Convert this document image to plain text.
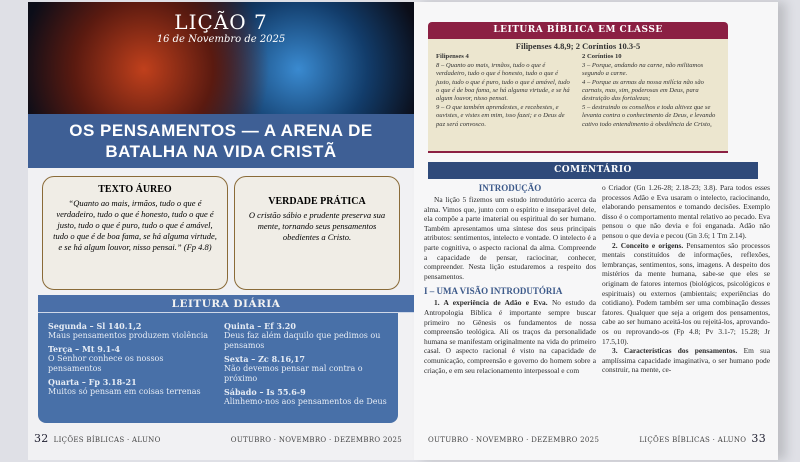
LIÇÃO 7
16 de Novembro de 2025
OS PENSAMENTOS — A ARENA DE BATALHA NA VIDA CRISTÃ
TEXTO ÁUREO

“Quanto ao mais, irmãos, tudo o que é verdadeiro, tudo o que é honesto, tudo o que é justo, tudo o que é puro, tudo o que é amável, tudo o que é de boa fama, se há alguma virtude, e se há algum louvor, nisso pensai.” (Fp 4.8)

VERDADE PRÁTICA

O cristão sábio e prudente preserva sua mente, tornando seus pensamentos obedientes a Cristo.

LEITURA DIÁRIA
Segunda – Sl 140.1,2
Maus pensamentos produzem violência
Terça – Mt 9.1-4
O Senhor conhece os nossos pensamentos
Quarta – Fp 3.18-21
Muitos só pensam em coisas terrenas
Quinta – Ef 3.20
Deus faz além daquilo que pedimos ou pensamos
Sexta – Zc 8.16,17
Não devemos pensar mal contra o próximo
Sábado – Is 55.6-9
Alinhemo-nos aos pensamentos de Deus
32 LIÇÕES BÍBLICAS · ALUNO	OUTUBRO · NOVEMBRO · DEZEMBRO 2025
LEITURA BÍBLICA EM CLASSE
Filipenses 4.8,9; 2 Coríntios 10.3-5
Filipenses 4
8 – Quanto ao mais, irmãos, tudo o que é verdadeiro, tudo o que é honesto, tudo o que é justo, tudo o que é puro, tudo o que é amável, tudo o que é de boa fama, se há alguma virtude, e se há algum louvor, nisso pensai.
9 – O que também aprendestes, e recebestes, e ouvistes, e vistes em mim, isso fazei; e o Deus de paz será convosco.
2 Coríntios 10
3 – Porque, andando na carne, não militamos segundo a carne.
4 – Porque as armas da nossa milícia não são carnais, mas, sim, poderosas em Deus, para destruição das fortalezas;
5 – destruindo os conselhos e toda altivez que se levanta contra o conhecimento de Deus, e levando cativo todo entendimento à obediência de Cristo,
COMENTÁRIO
INTRODUÇÃO

Na lição 5 fizemos um estudo introdutório acerca da alma. Vimos que, junto com o espírito e inseparável dele, ela compõe a parte imaterial ou espiritual do ser humano. Também apresentamos uma síntese dos seus principais atributos: sentimentos, intelecto e vontade. O intelecto é a parte cognitiva, o aspecto racional da alma. Compreende a capacidade de pensar, raciocinar, conhecer, compreender. Nesta lição estudaremos a respeito dos pensamentos.

I – UMA VISÃO INTRODUTÓRIA

1. A experiência de Adão e Eva. No estudo da Antropologia Bíblica é importante sempre buscar primeiro no Gênesis os fundamentos de nossa compreensão teológica. Ali os traços da personalidade humana se manifestam originalmente na vida do primeiro casal. O aspecto racional é visto na capacidade de comunicação, compreensão e governo do homem sobre a criação, e em seu relacionamento interpessoal e com

o Criador (Gn 1.26-28; 2.18-23; 3.8). Para todos esses processos Adão e Eva usaram o intelecto, raciocinando, elaborando pensamentos e tomando decisões. Exemplo disso é o comportamento mental relativo ao pecado. Eva pensou o que não devia e foi enganada. Adão não pensou o que devia e pecou (Gn 3.6; 1 Tm 2.14).

2. Conceito e origens. Pensamentos são processos mentais constituídos de informações, reflexões, lembranças, sentimentos, sons, imagens. A despeito dos mistérios da mente humana, sabe-se que eles se originam de fatores internos (biológicos, psicológicos e espirituais) ou externos (ambientais; experiências do cotidiano). Podem também ser uma combinação desses fatores. Qualquer que seja a origem dos pensamentos, cabe ao ser humano aceitá-los ou rejeitá-los, aprovando-os ou reprovando-os (Fp 4.8; Pv 3.1-7; 15.28; Jr 17.5,10).

3. Características dos pensamentos. Em sua amplíssima capacidade imaginativa, o ser humano pode construir, na mente, ce-

OUTUBRO · NOVEMBRO · DEZEMBRO 2025	LIÇÕES BÍBLICAS · ALUNO 33
